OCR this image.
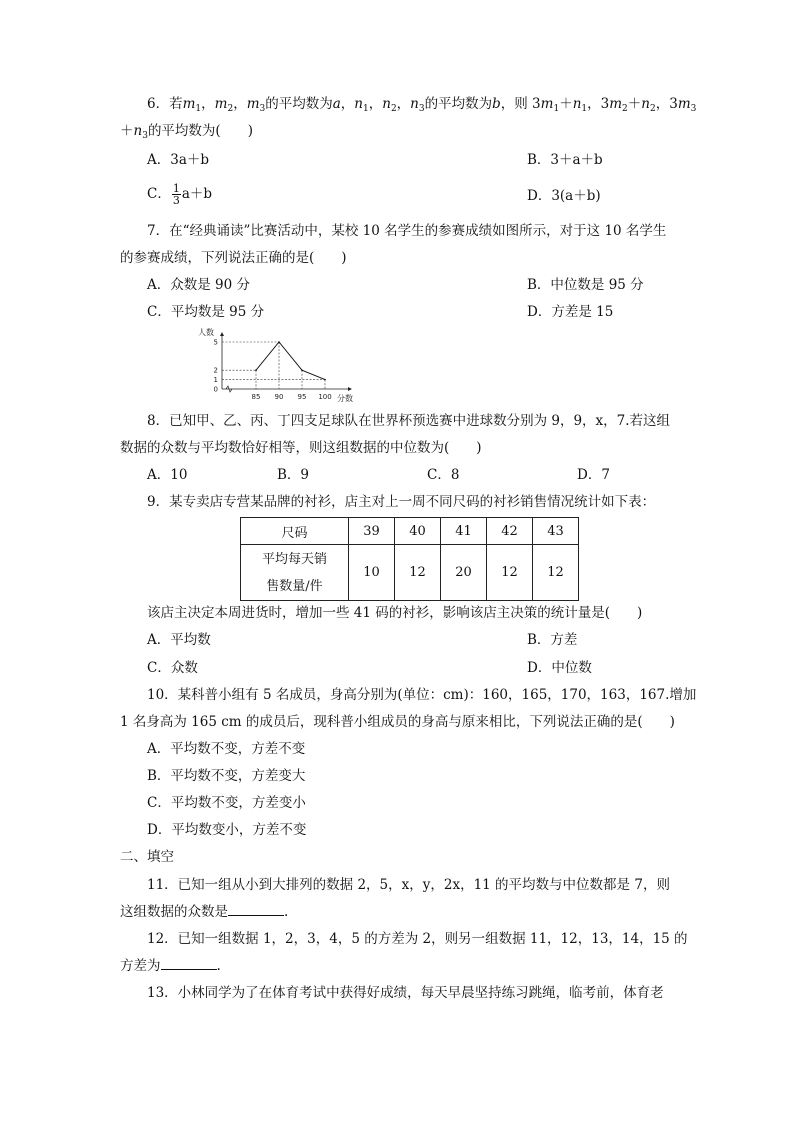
6．若$m_1$，$m_2$，$m_3$的平均数为a，$n_1$，$n_2$，$n_3$的平均数为b，则 $3m_1+n_1$，$3m_2+n_2$，$3m_3$
$+n_3$的平均数为(　　)
A．3a＋b	B．3＋a＋b
C． $\frac{1}{3} a+b$	D．3(a＋b)
7．在“经典诵读”比赛活动中，某校 10 名学生的参赛成绩如图所示，对于这 10 名学生
的参赛成绩，下列说法正确的是(　　)
A．众数是 90 分	B．中位数是 95 分
C．平均数是 95 分	D．方差是 15
人数
分数
85 90 95 100
0
1
2
5
8．已知甲、乙、丙、丁四支足球队在世界杯预选赛中进球数分别为 9，9，x，7.若这组
数据的众数与平均数恰好相等，则这组数据的中位数为(　　)
A．10	B．9	C．8	D．7
9．某专卖店专营某品牌的衬衫，店主对上一周不同尺码的衬衫销售情况统计如下表：
尺码	39	40	41	42	43

平均每天销
售数量/件	10	12	20	12	12
该店主决定本周进货时，增加一些 41 码的衬衫，影响该店主决策的统计量是(　　)
A．平均数	B．方差
C．众数	D．中位数
10．某科普小组有 5 名成员，身高分别为(单位：cm)：160，165，170，163，167.增加
1 名身高为 165 cm 的成员后，现科普小组成员的身高与原来相比，下列说法正确的是(　　)
A．平均数不变，方差不变
B．平均数不变，方差变大
C．平均数不变，方差变小
D．平均数变小，方差不变
二、填空
11．已知一组从小到大排列的数据 2，5，x，y，2x，11 的平均数与中位数都是 7，则
这组数据的众数是	.
12．已知一组数据 1，2，3，4，5 的方差为 2，则另一组数据 11，12，13，14，15 的
方差为	.
13．小林同学为了在体育考试中获得好成绩，每天早晨坚持练习跳绳，临考前，体育老
